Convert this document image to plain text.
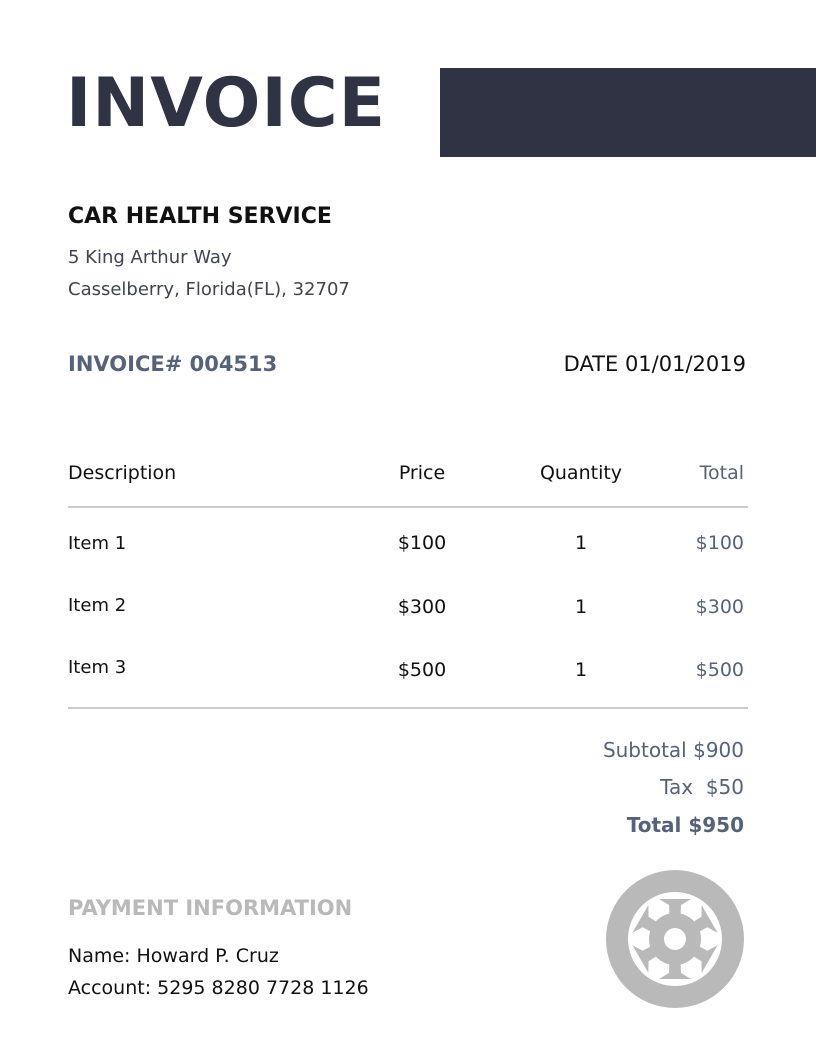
INVOICE
CAR HEALTH SERVICE
5 King Arthur Way
Casselberry, Florida(FL), 32707
INVOICE# 004513	DATE 01/01/2019
Description	Price	Quantity	Total
Item 1	$100	1	$100
Item 2	$300	1	$300
Item 3	$500	1	$500
Subtotal $900
Tax  $50
Total $950
PAYMENT INFORMATION
Name: Howard P. Cruz
Account: 5295 8280 7728 1126
